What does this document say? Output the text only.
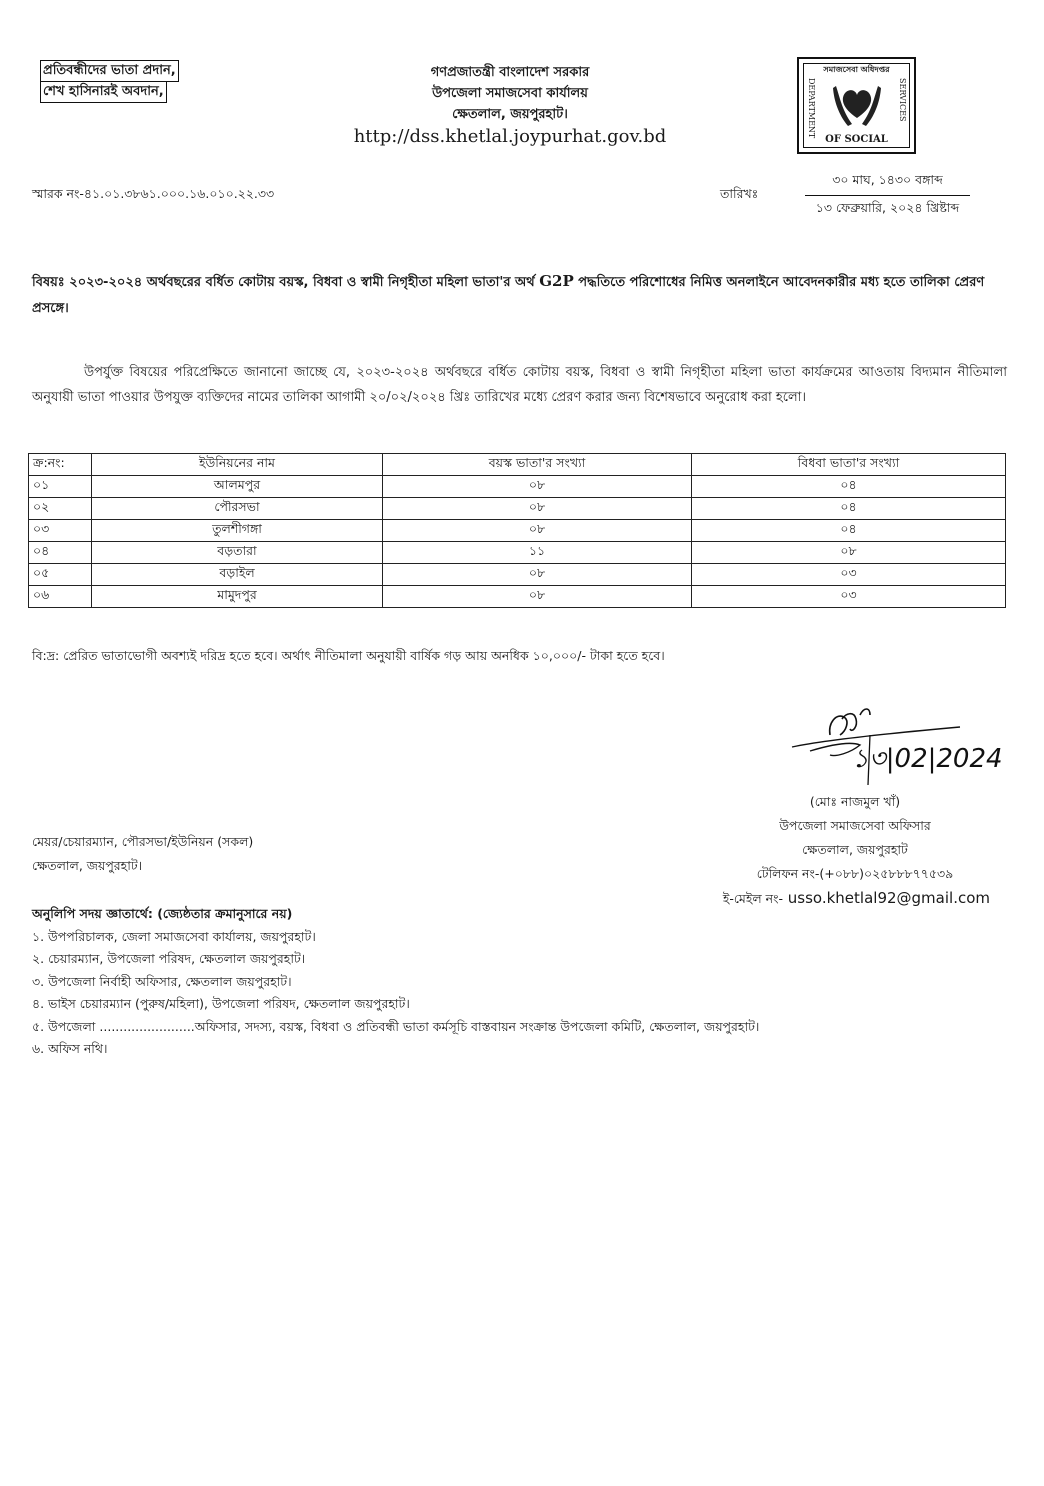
প্রতিবন্ধীদের ভাতা প্রদান,
শেখ হাসিনারই অবদান,
গণপ্রজাতন্ত্রী বাংলাদেশ সরকার
উপজেলা সমাজসেবা কার্যালয়
ক্ষেতলাল, জয়পুরহাট।
http://dss.khetlal.joypurhat.gov.bd
সমাজসেবা অধিদপ্তর
DEPARTMENT	SERVICES
OF SOCIAL
স্মারক নং-৪১.০১.৩৮৬১.০০০.১৬.০১০.২২.৩৩	তারিখঃ
৩০ মাঘ, ১৪৩০ বঙ্গাব্দ
১৩ ফেব্রুয়ারি, ২০২৪ খ্রিষ্টাব্দ
বিষয়ঃ ২০২৩-২০২৪ অর্থবছরের বর্ধিত কোটায় বয়স্ক, বিধবা ও স্বামী নিগৃহীতা মহিলা ভাতা'র অর্থ G2P পদ্ধতিতে পরিশোধের নিমিত্ত অনলাইনে আবেদনকারীর মধ্য হতে তালিকা প্রেরণ প্রসঙ্গে।
উপর্যুক্ত বিষয়ের পরিপ্রেক্ষিতে জানানো জাচ্ছে যে, ২০২৩-২০২৪ অর্থবছরে বর্ধিত কোটায় বয়স্ক, বিধবা ও স্বামী নিগৃহীতা মহিলা ভাতা কার্যক্রমের আওতায় বিদ্যমান নীতিমালা অনুযায়ী ভাতা পাওয়ার উপযুক্ত ব্যক্তিদের নামের তালিকা আগামী ২০/০২/২০২৪ খ্রিঃ তারিখের মধ্যে প্রেরণ করার জন্য বিশেষভাবে অনুরোধ করা হলো।
ক্র:নং:	ইউনিয়নের নাম	বয়স্ক ভাতা'র সংখ্যা	বিধবা ভাতা'র সংখ্যা
০১	আলমপুর	০৮	০৪
০২	পৌরসভা	০৮	০৪
০৩	তুলশীগঙ্গা	০৮	০৪
০৪	বড়তারা	১১	০৮
০৫	বড়াইল	০৮	০৩
০৬	মামুদপুর	০৮	০৩
বি:দ্র: প্রেরিত ভাতাভোগী অবশ্যই দরিদ্র হতে হবে। অর্থাৎ নীতিমালা অনুযায়ী বার্ষিক গড় আয় অনধিক ১০,০০০/- টাকা হতে হবে।
১৩|02|2024
(মোঃ নাজমুল খাঁ)
উপজেলা সমাজসেবা অফিসার
ক্ষেতলাল, জয়পুরহাট
টেলিফন নং-(+০৮৮)০২৫৮৮৮৭৭৫৩৯
ই-মেইল নং- usso.khetlal92@gmail.com
মেয়র/চেয়ারম্যান, পৌরসভা/ইউনিয়ন (সকল)
ক্ষেতলাল, জয়পুরহাট।
অনুলিপি সদয় জ্ঞাতার্থে: (জ্যেষ্ঠতার ক্রমানুসারে নয়)
১. উপপরিচালক, জেলা সমাজসেবা কার্যালয়, জয়পুরহাট।
২. চেয়ারম্যান, উপজেলা পরিষদ, ক্ষেতলাল জয়পুরহাট।
৩. উপজেলা নির্বাহী অফিসার, ক্ষেতলাল জয়পুরহাট।
৪. ভাইস চেয়ারম্যান (পুরুষ/মহিলা), উপজেলা পরিষদ, ক্ষেতলাল জয়পুরহাট।
৫. উপজেলা ........................অফিসার, সদস্য, বয়স্ক, বিধবা ও প্রতিবন্ধী ভাতা কর্মসূচি বাস্তবায়ন সংক্রান্ত উপজেলা কমিটি, ক্ষেতলাল, জয়পুরহাট।
৬. অফিস নথি।
